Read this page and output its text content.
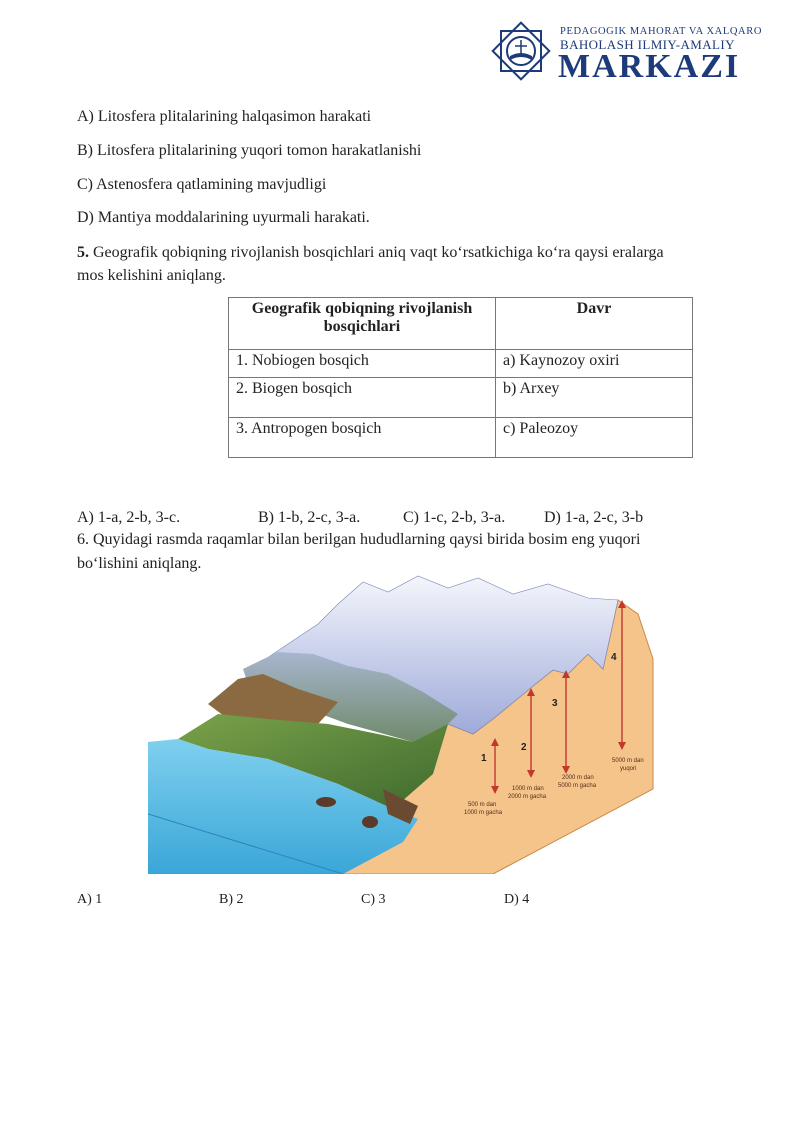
PEDAGOGIK MAHORAT VA XALQARO
BAHOLASH ILMIY-AMALIY
MARKAZI
A) Litosfera plitalarining halqasimon harakati
B) Litosfera plitalarining yuqori tomon harakatlanishi
C) Astenosfera qatlamining mavjudligi
D) Mantiya moddalarining uyurmali harakati.
5. Geografik qobiqning rivojlanish bosqichlari aniq vaqt ko‘rsatkichiga ko‘ra qaysi eralarga
mos kelishini aniqlang.
Geografik qobiqning rivojlanish
bosqichlari	Davr
1. Nobiogen bosqich	a) Kaynozoy oxiri
2. Biogen bosqich	b) Arxey
3. Antropogen bosqich	c) Paleozoy
A) 1-a, 2-b, 3-c.	B) 1-b, 2-c, 3-a.	C) 1-c, 2-b, 3-a. D) 1-a, 2-c, 3-b
6. Quyidagi rasmda raqamlar bilan berilgan hududlarning qaysi birida bosim eng yuqori
bo‘lishini aniqlang.
1
2
3
4
500 m dan
1000 m gacha
1000 m dan
2000 m gacha
2000 m dan
5000 m gacha
5000 m dan
yuqori
A) 1	B) 2	C) 3	D) 4
